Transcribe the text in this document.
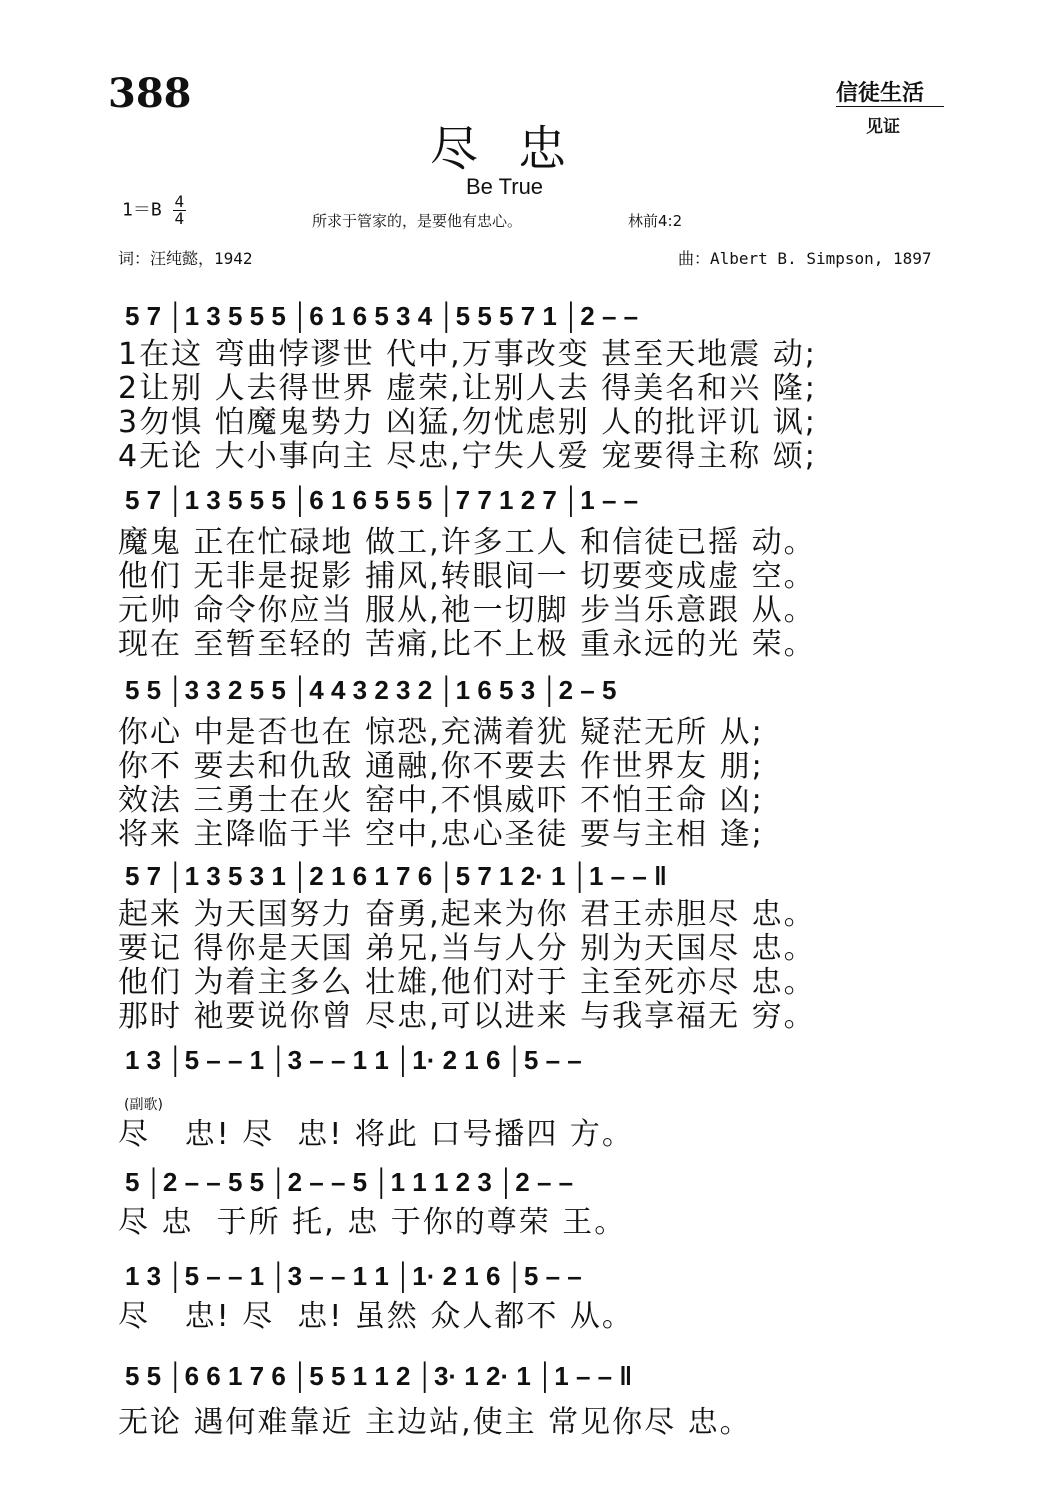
388	信徒生活
见证
尽忠
Be True
$1=B \frac{4}{4}$	所求于管家的，是要他有忠心。	林前4:2
词：汪纯懿，1942	曲：Albert B. Simpson, 1897
5 7 │1 3 5 5 5 │6 1 6 5 3 4 │5 5 5 7 1 │2 – –
1在这 弯曲悖谬世 代中,万事改变 甚至天地震 动;
2让别 人去得世界 虚荣,让别人去 得美名和兴 隆;
3勿惧 怕魔鬼势力 凶猛,勿忧虑别 人的批评讥 讽;
4无论 大小事向主 尽忠,宁失人爱 宠要得主称 颂;
5 7 │1 3 5 5 5 │6 1 6 5 5 5 │7 7 1 2 7 │1 – –
魔鬼 正在忙碌地 做工,许多工人 和信徒已摇 动。
他们 无非是捉影 捕风,转眼间一 切要变成虚 空。
元帅 命令你应当 服从,祂一切脚 步当乐意跟 从。
现在 至暂至轻的 苦痛,比不上极 重永远的光 荣。
5 5 │3 3 2 5 5 │4 4 3 2 3 2 │1 6 5 3 │2 – 5
你心 中是否也在 惊恐,充满着犹 疑茫无所 从;
你不 要去和仇敌 通融,你不要去 作世界友 朋;
效法 三勇士在火 窑中,不惧威吓 不怕王命 凶;
将来 主降临于半 空中,忠心圣徒 要与主相 逢;
5 7 │1 3 5 3 1 │2 1 6 1 7 6 │5 7 1 2· 1 │1 – – ‖
起来 为天国努力 奋勇,起来为你 君王赤胆尽 忠。
要记 得你是天国 弟兄,当与人分 别为天国尽 忠。
他们 为着主多么 壮雄,他们对于 主至死亦尽 忠。
那时 祂要说你曾 尽忠,可以进来 与我享福无 穷。
1 3 │5 – – 1 │3 – – 1 1 │1· 2 1 6 │5 – –
(副歌)
尽   忠! 尽  忠! 将此 口号播四 方。
5 │2 – – 5 5 │2 – – 5 │1 1 1 2 3 │2 – –
尽 忠  于所 托, 忠 于你的尊荣 王。
1 3 │5 – – 1 │3 – – 1 1 │1· 2 1 6 │5 – –
尽   忠! 尽  忠! 虽然 众人都不 从。
5 5 │6 6 1 7 6 │5 5 1 1 2 │3· 1 2· 1 │1 – – ‖
无论 遇何难靠近 主边站,使主 常见你尽 忠。
